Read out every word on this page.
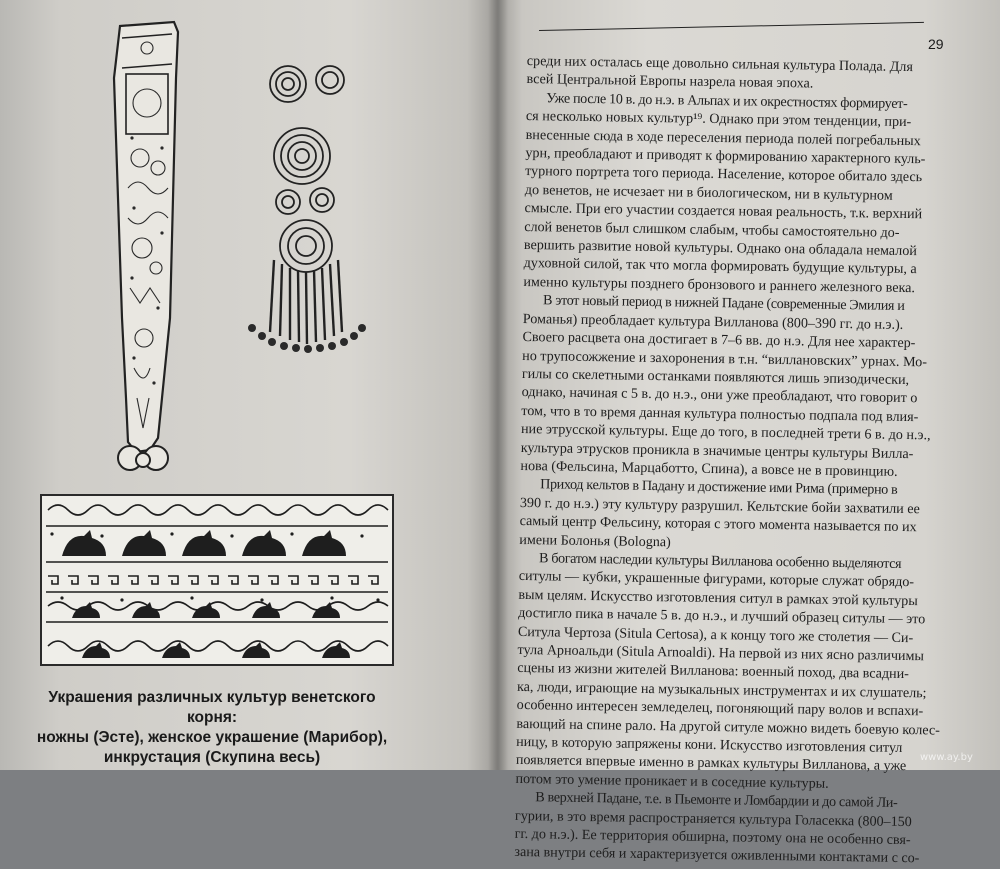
Украшения различных культур венетского корня:
ножны (Эсте), женское украшение (Марибор),
инкрустация (Скупина весь)
29
среди них осталась еще довольно сильная культура Полада. Для
всей Центральной Европы назрела новая эпоха.
Уже после 10 в. до н.э. в Альпах и их окрестностях формирует-
ся несколько новых культур¹⁹. Однако при этом тенденции, при-
внесенные сюда в ходе переселения периода полей погребальных
урн, преобладают и приводят к формированию характерного куль-
турного портрета того периода. Население, которое обитало здесь
до венетов, не исчезает ни в биологическом, ни в культурном
смысле. При его участии создается новая реальность, т.к. верхний
слой венетов был слишком слабым, чтобы самостоятельно до-
вершить развитие новой культуры. Однако она обладала немалой
духовной силой, так что могла формировать будущие культуры, а
именно культуры позднего бронзового и раннего железного века.
В этот новый период в нижней Падане (современные Эмилия и
Романья) преобладает культура Вилланова (800–390 гг. до н.э.).
Своего расцвета она достигает в 7–6 вв. до н.э. Для нее характер-
но трупосожжение и захоронения в т.н. “вилланoвских” урнах. Мо-
гилы со скелетными останками появляются лишь эпизодически,
однако, начиная с 5 в. до н.э., они уже преобладают, что говорит о
том, что в то время данная культура полностью подпала под влия-
ние этрусской культуры. Еще до того, в последней трети 6 в. до н.э.,
культура этрусков проникла в значимые центры культуры Вилла-
нова (Фельсина, Марцаботто, Спина), а вовсе не в провинцию.
Приход кельтов в Падану и достижение ими Рима (примерно в
390 г. до н.э.) эту культуру разрушил. Кельтские бойи захватили ее
самый центр Фельсину, которая с этого момента называется по их
имени Болонья (Bologna)
В богатом наследии культуры Вилланова особенно выделяются
ситулы — кубки, украшенные фигурами, которые служат обрядо-
вым целям. Искусство изготовления ситул в рамках этой культуры
достигло пика в начале 5 в. до н.э., и лучший образец ситулы — это
Ситула Чертоза (Situla Certosa), а к концу того же столетия — Си-
тула Арноальди (Situla Arnoaldi). На первой из них ясно различимы
сцены из жизни жителей Вилланова: военный поход, два всадни-
ка, люди, играющие на музыкальных инструментах и их слушатель;
особенно интересен земледелец, погоняющий пару волов и вспахи-
вающий на спине рало. На другой ситуле можно видеть боевую колес-
ницу, в которую запряжены кони. Искусство изготовления ситул
появляется впервые именно в рамках культуры Вилланова, а уже
потом это умение проникает и в соседние культуры.
В верхней Падане, т.е. в Пьемонте и Ломбардии и до самой Ли-
гурии, в это время распространяется культура Голасекка (800–150
гг. до н.э.). Ее территория обширна, поэтому она не особенно свя-
зана внутри себя и характеризуется оживленными контактами с со-
www.ay.by
